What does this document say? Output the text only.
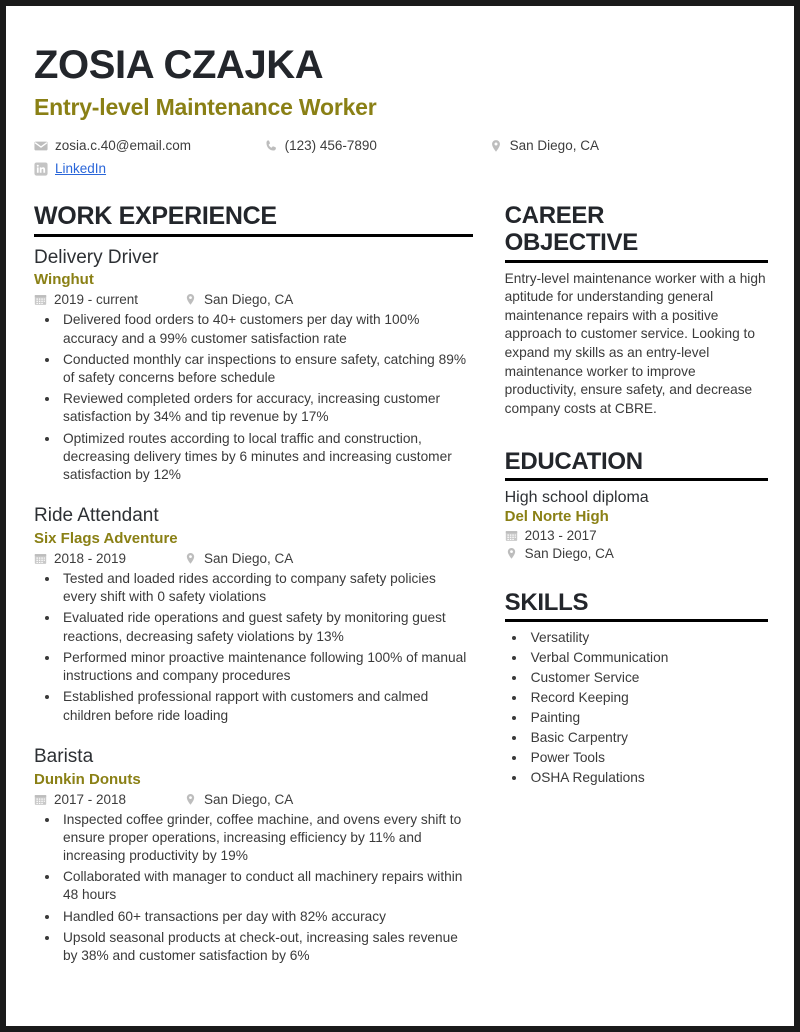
ZOSIA CZAJKA
Entry-level Maintenance Worker
zosia.c.40@email.com	(123) 456-7890	San Diego, CA
LinkedIn
WORK EXPERIENCE
Delivery Driver
Winghut
2019 - current	San Diego, CA
• Delivered food orders to 40+ customers per day with 100% accuracy and a 99% customer satisfaction rate
• Conducted monthly car inspections to ensure safety, catching 89% of safety concerns before schedule
• Reviewed completed orders for accuracy, increasing customer satisfaction by 34% and tip revenue by 17%
• Optimized routes according to local traffic and construction, decreasing delivery times by 6 minutes and increasing customer satisfaction by 12%
Ride Attendant
Six Flags Adventure
2018 - 2019	San Diego, CA
• Tested and loaded rides according to company safety policies every shift with 0 safety violations
• Evaluated ride operations and guest safety by monitoring guest reactions, decreasing safety violations by 13%
• Performed minor proactive maintenance following 100% of manual instructions and company procedures
• Established professional rapport with customers and calmed children before ride loading
Barista
Dunkin Donuts
2017 - 2018	San Diego, CA
• Inspected coffee grinder, coffee machine, and ovens every shift to ensure proper operations, increasing efficiency by 11% and increasing productivity by 19%
• Collaborated with manager to conduct all machinery repairs within 48 hours
• Handled 60+ transactions per day with 82% accuracy
• Upsold seasonal products at check-out, increasing sales revenue by 38% and customer satisfaction by 6%
CAREER
OBJECTIVE
Entry-level maintenance worker with a high aptitude for understanding general maintenance repairs with a positive approach to customer service. Looking to expand my skills as an entry-level maintenance worker to improve productivity, ensure safety, and decrease company costs at CBRE.
EDUCATION
High school diploma
Del Norte High
2013 - 2017
San Diego, CA
SKILLS
• Versatility
• Verbal Communication
• Customer Service
• Record Keeping
• Painting
• Basic Carpentry
• Power Tools
• OSHA Regulations
